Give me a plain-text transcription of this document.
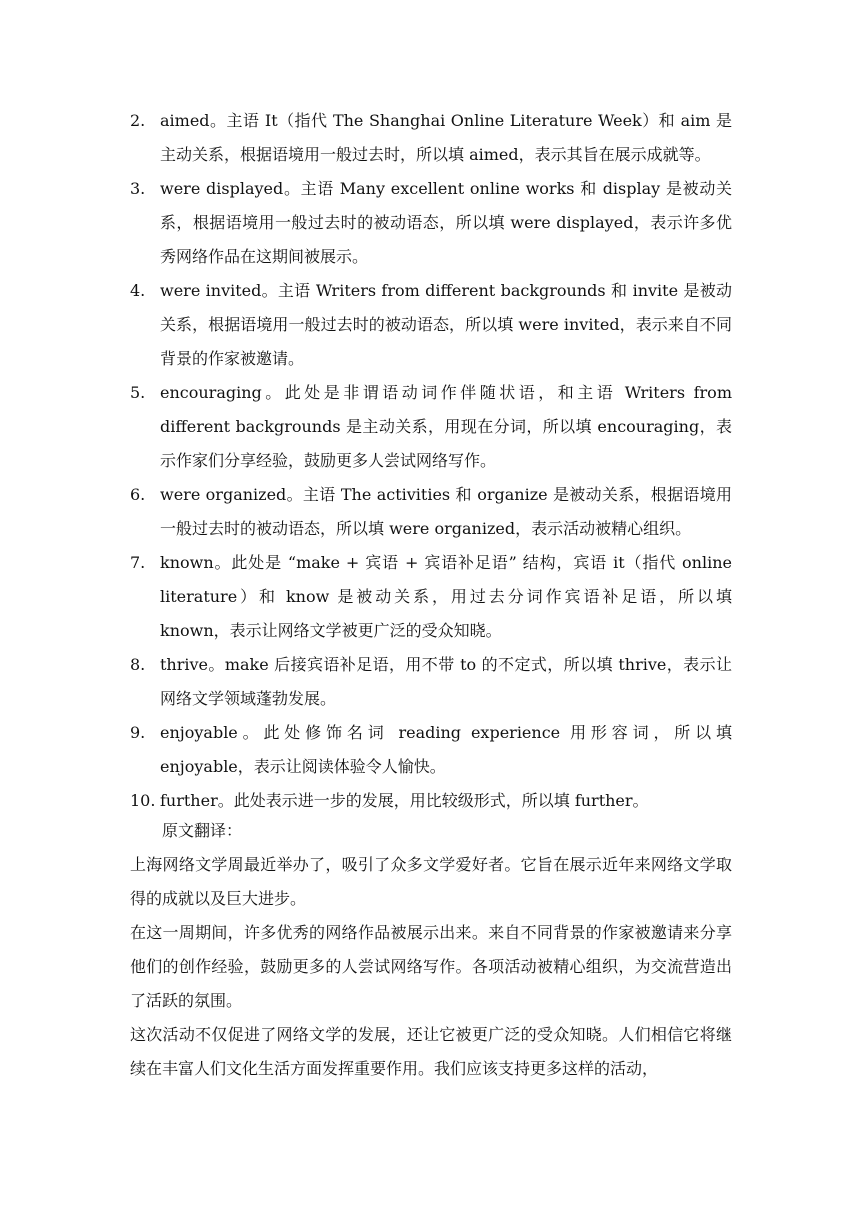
2. aimed。主语 It（指代 The Shanghai Online Literature Week）和 aim 是主动关系，根据语境用一般过去时，所以填 aimed，表示其旨在展示成就等。
3. were displayed。主语 Many excellent online works 和 display 是被动关系，根据语境用一般过去时的被动语态，所以填 were displayed，表示许多优秀网络作品在这期间被展示。
4. were invited。主语 Writers from different backgrounds 和 invite 是被动关系，根据语境用一般过去时的被动语态，所以填 were invited，表示来自不同背景的作家被邀请。
5. encouraging。此处是非谓语动词作伴随状语，和主语 Writers from different backgrounds 是主动关系，用现在分词，所以填 encouraging，表示作家们分享经验，鼓励更多人尝试网络写作。
6. were organized。主语 The activities 和 organize 是被动关系，根据语境用一般过去时的被动语态，所以填 were organized，表示活动被精心组织。
7. known。此处是 “make + 宾语 + 宾语补足语” 结构，宾语 it（指代 online literature）和 know 是被动关系，用过去分词作宾语补足语，所以填 known，表示让网络文学被更广泛的受众知晓。
8. thrive。make 后接宾语补足语，用不带 to 的不定式，所以填 thrive，表示让网络文学领域蓬勃发展。
9. enjoyable。此处修饰名词 reading experience 用形容词，所以填 enjoyable，表示让阅读体验令人愉快。
10. further。此处表示进一步的发展，用比较级形式，所以填 further。
原文翻译：

上海网络文学周最近举办了，吸引了众多文学爱好者。它旨在展示近年来网络文学取得的成就以及巨大进步。

在这一周期间，许多优秀的网络作品被展示出来。来自不同背景的作家被邀请来分享他们的创作经验，鼓励更多的人尝试网络写作。各项活动被精心组织，为交流营造出了活跃的氛围。

这次活动不仅促进了网络文学的发展，还让它被更广泛的受众知晓。人们相信它将继续在丰富人们文化生活方面发挥重要作用。我们应该支持更多这样的活动，
